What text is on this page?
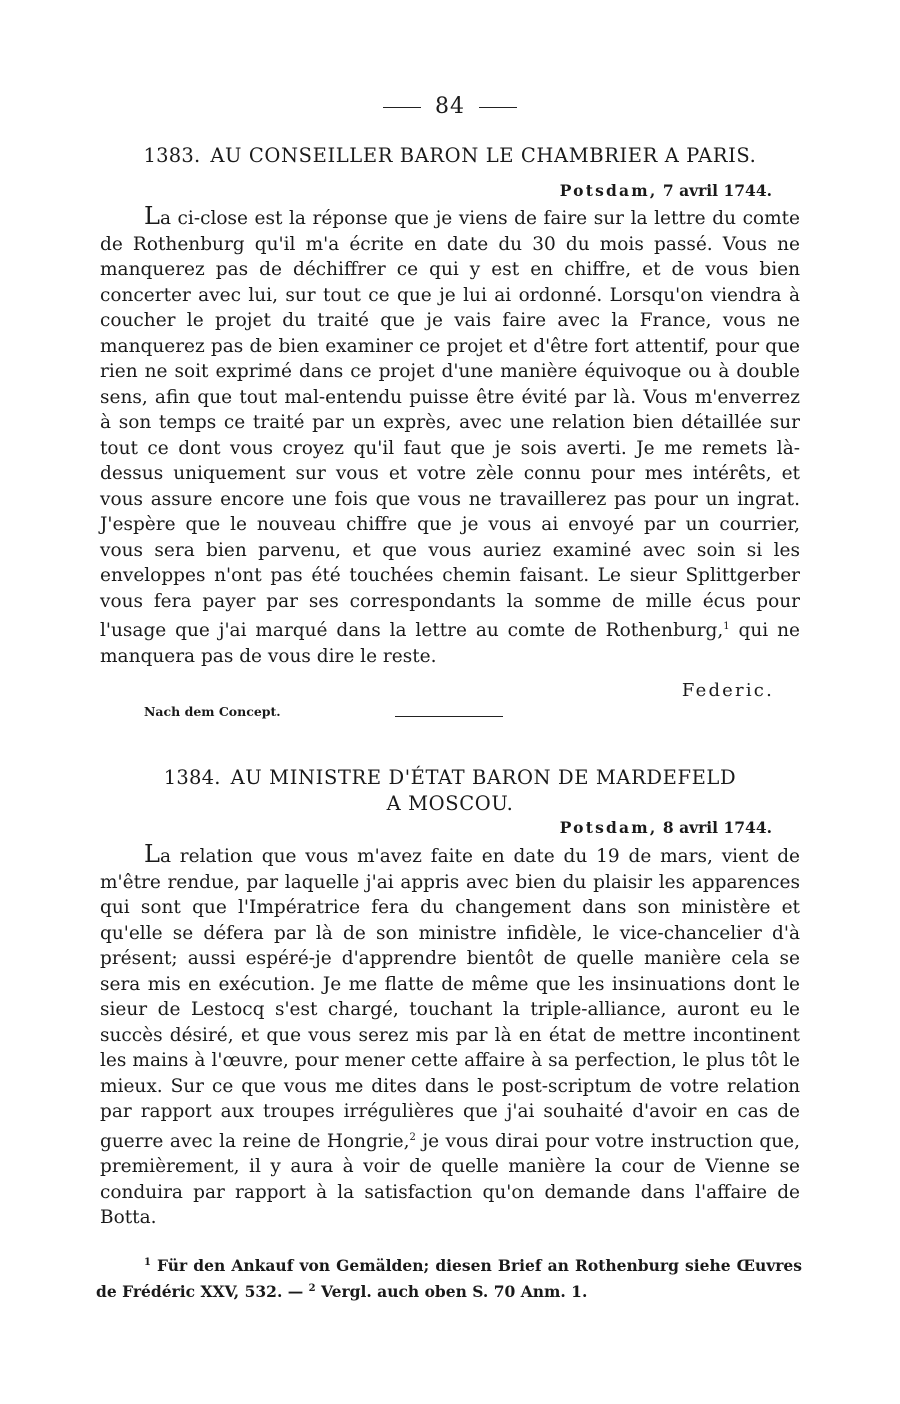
84
1383. AU CONSEILLER BARON LE CHAMBRIER A PARIS.
Potsdam, 7 avril 1744.
La ci-close est la réponse que je viens de faire sur la lettre du comte de Rothenburg qu'il m'a écrite en date du 30 du mois passé. Vous ne manquerez pas de déchiffrer ce qui y est en chiffre, et de vous bien concerter avec lui, sur tout ce que je lui ai ordonné. Lorsqu'on viendra à coucher le projet du traité que je vais faire avec la France, vous ne manquerez pas de bien examiner ce projet et d'être fort attentif, pour que rien ne soit exprimé dans ce projet d'une manière équivoque ou à double sens, afin que tout mal-entendu puisse être évité par là. Vous m'enverrez à son temps ce traité par un exprès, avec une relation bien détaillée sur tout ce dont vous croyez qu'il faut que je sois averti. Je me remets là-dessus uniquement sur vous et votre zèle connu pour mes intérêts, et vous assure encore une fois que vous ne travaillerez pas pour un ingrat. J'espère que le nouveau chiffre que je vous ai envoyé par un courrier, vous sera bien parvenu, et que vous auriez examiné avec soin si les enveloppes n'ont pas été touchées chemin faisant. Le sieur Splittgerber vous fera payer par ses correspondants la somme de mille écus pour l'usage que j'ai marqué dans la lettre au comte de Rothenburg,$^1$ qui ne manquera pas de vous dire le reste.
Federic.
Nach dem Concept.
1384. AU MINISTRE D'ÉTAT BARON DE MARDEFELD
A MOSCOU.
Potsdam, 8 avril 1744.
La relation que vous m'avez faite en date du 19 de mars, vient de m'être rendue, par laquelle j'ai appris avec bien du plaisir les apparences qui sont que l'Impératrice fera du changement dans son ministère et qu'elle se défera par là de son ministre infidèle, le vice-chancelier d'à présent; aussi espéré-je d'apprendre bientôt de quelle manière cela se sera mis en exécution. Je me flatte de même que les insinuations dont le sieur de Lestocq s'est chargé, touchant la triple-alliance, auront eu le succès désiré, et que vous serez mis par là en état de mettre incontinent les mains à l'œuvre, pour mener cette affaire à sa perfection, le plus tôt le mieux. Sur ce que vous me dites dans le post-scriptum de votre relation par rapport aux troupes irrégulières que j'ai souhaité d'avoir en cas de guerre avec la reine de Hongrie,$^2$ je vous dirai pour votre instruction que, premièrement, il y aura à voir de quelle manière la cour de Vienne se conduira par rapport à la satisfaction qu'on demande dans l'affaire de Botta.
$^1$ Für den Ankauf von Gemälden; diesen Brief an Rothenburg siehe Œuvres de Frédéric XXV, 532. — $^2$ Vergl. auch oben S. 70 Anm. 1.
